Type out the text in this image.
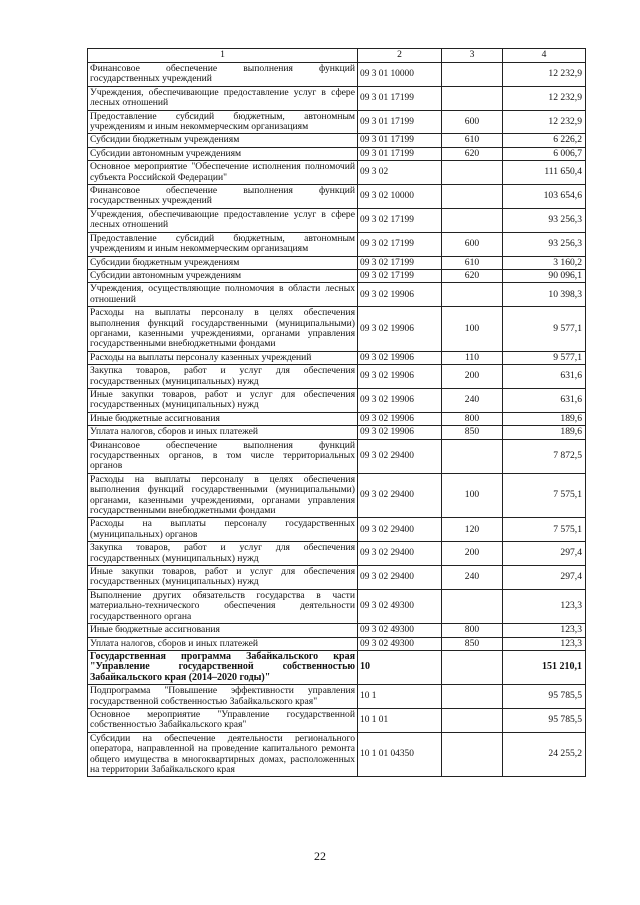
1	2	3	4
Финансовое обеспечение выполнения функций государственных учреждений	09 3 01 10000		12 232,9
Учреждения, обеспечивающие предоставление услуг в сфере лесных отношений	09 3 01 17199		12 232,9
Предоставление субсидий бюджетным, автономным учреждениям и иным некоммерческим организациям	09 3 01 17199	600	12 232,9
Субсидии бюджетным учреждениям	09 3 01 17199	610	6 226,2
Субсидии автономным учреждениям	09 3 01 17199	620	6 006,7
Основное мероприятие "Обеспечение исполнения полномочий субъекта Российской Федерации"	09 3 02		111 650,4
Финансовое обеспечение выполнения функций государственных учреждений	09 3 02 10000		103 654,6
Учреждения, обеспечивающие предоставление услуг в сфере лесных отношений	09 3 02 17199		93 256,3
Предоставление субсидий бюджетным, автономным учреждениям и иным некоммерческим организациям	09 3 02 17199	600	93 256,3
Субсидии бюджетным учреждениям	09 3 02 17199	610	3 160,2
Субсидии автономным учреждениям	09 3 02 17199	620	90 096,1
Учреждения, осуществляющие полномочия в области лесных отношений	09 3 02 19906		10 398,3
Расходы на выплаты персоналу в целях обеспечения выполнения функций государственными (муниципальными) органами, казенными учреждениями, органами управления государственными внебюджетными фондами	09 3 02 19906	100	9 577,1
Расходы на выплаты персоналу казенных учреждений	09 3 02 19906	110	9 577,1
Закупка товаров, работ и услуг для обеспечения государственных (муниципальных) нужд	09 3 02 19906	200	631,6
Иные закупки товаров, работ и услуг для обеспечения государственных (муниципальных) нужд	09 3 02 19906	240	631,6
Иные бюджетные ассигнования	09 3 02 19906	800	189,6
Уплата налогов, сборов и иных платежей	09 3 02 19906	850	189,6
Финансовое обеспечение выполнения функций государственных органов, в том числе территориальных органов	09 3 02 29400		7 872,5
Расходы на выплаты персоналу в целях обеспечения выполнения функций государственными (муниципальными) органами, казенными учреждениями, органами управления государственными внебюджетными фондами	09 3 02 29400	100	7 575,1
Расходы на выплаты персоналу государственных (муниципальных) органов	09 3 02 29400	120	7 575,1
Закупка товаров, работ и услуг для обеспечения государственных (муниципальных) нужд	09 3 02 29400	200	297,4
Иные закупки товаров, работ и услуг для обеспечения государственных (муниципальных) нужд	09 3 02 29400	240	297,4
Выполнение других обязательств государства в части материально-технического обеспечения деятельности государственного органа	09 3 02 49300		123,3
Иные бюджетные ассигнования	09 3 02 49300	800	123,3
Уплата налогов, сборов и иных платежей	09 3 02 49300	850	123,3
Государственная программа Забайкальского края "Управление государственной собственностью Забайкальского края (2014–2020 годы)"	10		151 210,1
Подпрограмма "Повышение эффективности управления государственной собственностью Забайкальского края"	10 1		95 785,5
Основное мероприятие "Управление государственной собственностью Забайкальского края"	10 1 01		95 785,5
Субсидии на обеспечение деятельности регионального оператора, направленной на проведение капитального ремонта общего имущества в многоквартирных домах, расположенных на территории Забайкальского края	10 1 01 04350		24 255,2
22
